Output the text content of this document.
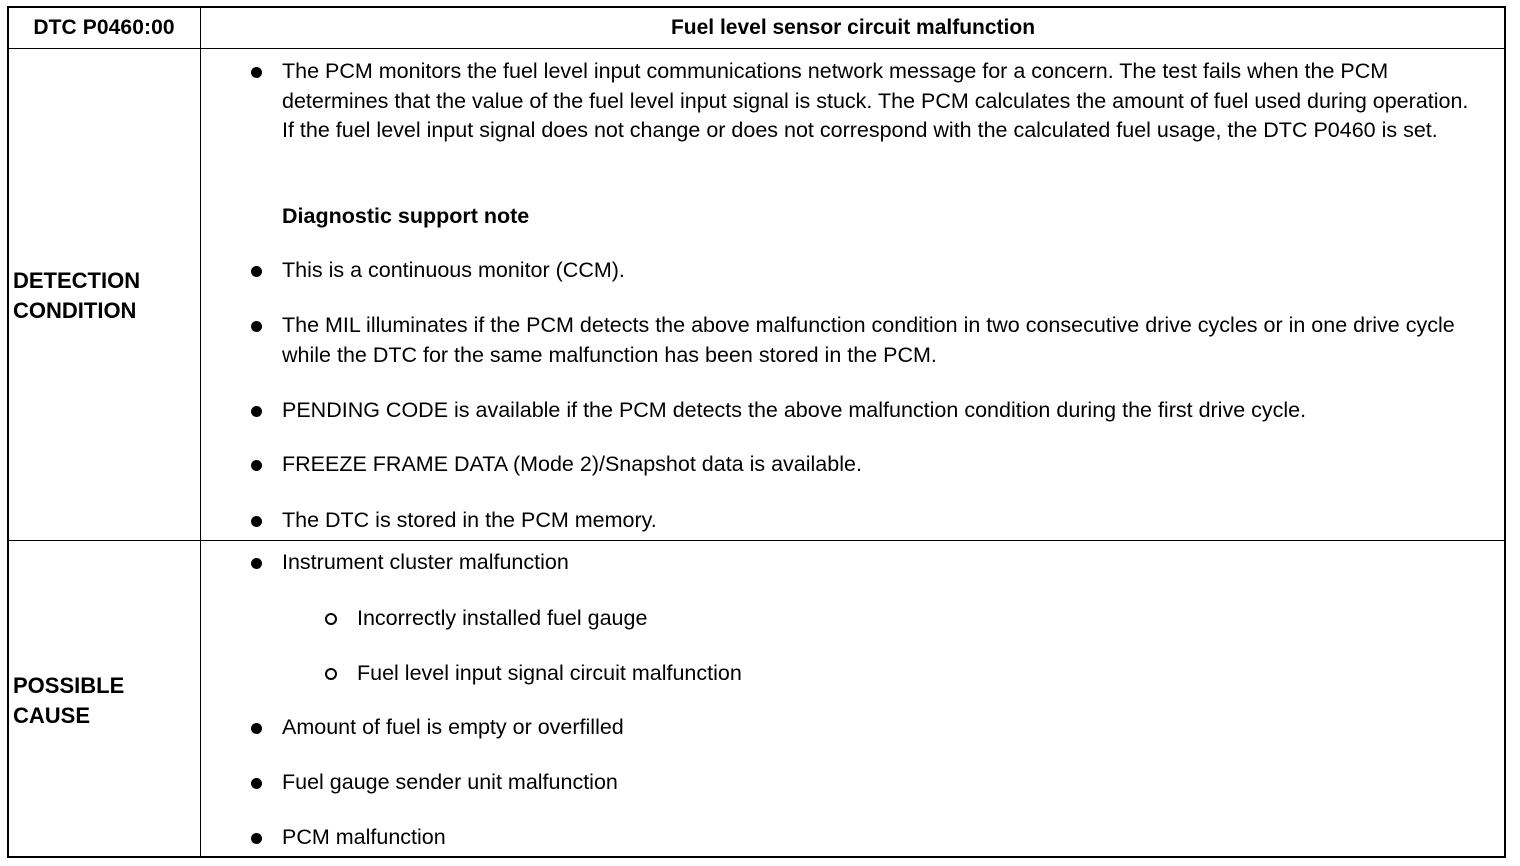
DTC P0460:00	Fuel level sensor circuit malfunction
DETECTION
CONDITION
The PCM monitors the fuel level input communications network message for a concern. The test fails when the PCM determines that the value of the fuel level input signal is stuck. The PCM calculates the amount of fuel used during operation. If the fuel level input signal does not change or does not correspond with the calculated fuel usage, the DTC P0460 is set.
Diagnostic support note
This is a continuous monitor (CCM).
The MIL illuminates if the PCM detects the above malfunction condition in two consecutive drive cycles or in one drive cycle while the DTC for the same malfunction has been stored in the PCM.
PENDING CODE is available if the PCM detects the above malfunction condition during the first drive cycle.
FREEZE FRAME DATA (Mode 2)/Snapshot data is available.
The DTC is stored in the PCM memory.
POSSIBLE
CAUSE
Instrument cluster malfunction
Incorrectly installed fuel gauge
Fuel level input signal circuit malfunction
Amount of fuel is empty or overfilled
Fuel gauge sender unit malfunction
PCM malfunction
